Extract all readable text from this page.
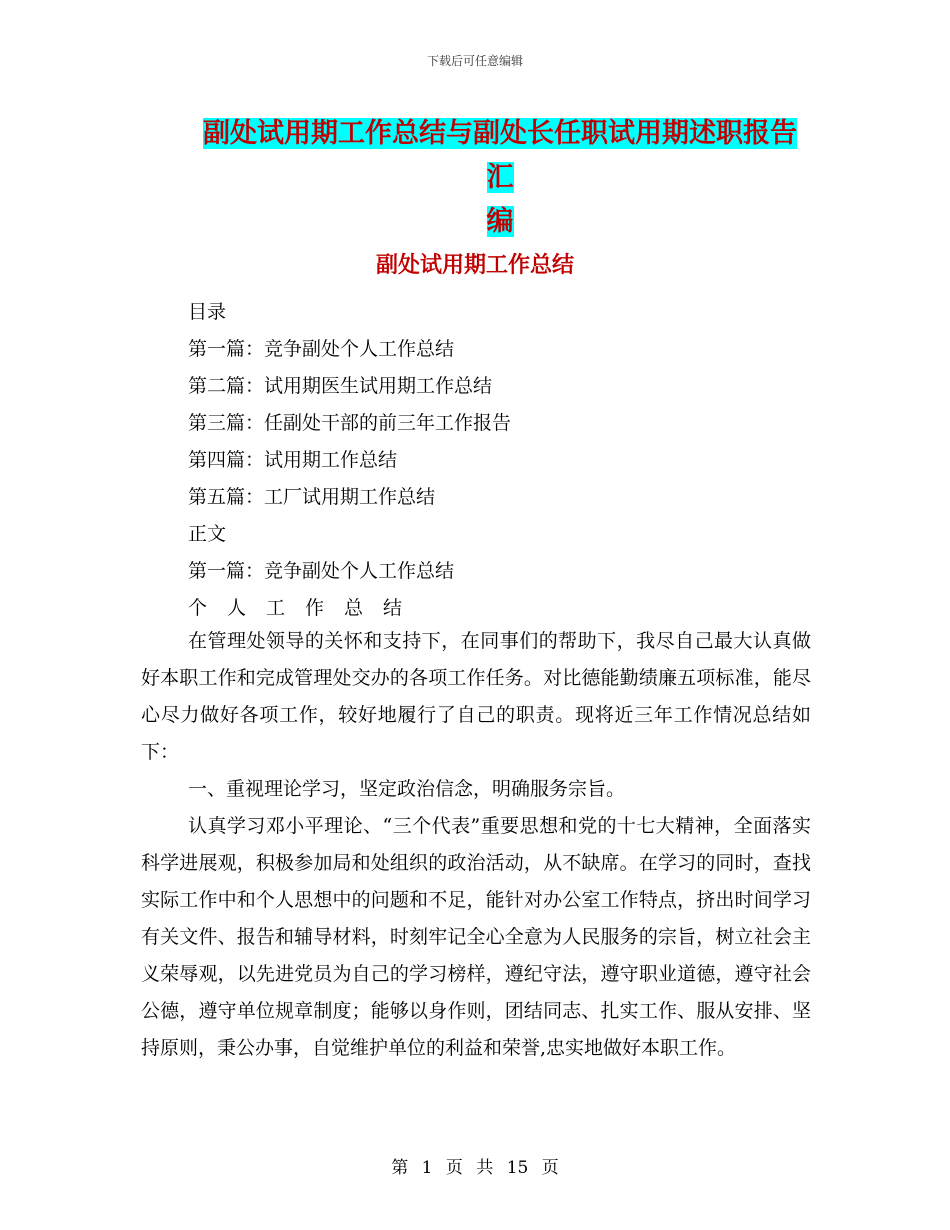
下载后可任意编辑
副处试用期工作总结与副处长任职试用期述职报告汇
编
副处试用期工作总结
目录
第一篇：竞争副处个人工作总结
第二篇：试用期医生试用期工作总结
第三篇：任副处干部的前三年工作报告
第四篇：试用期工作总结
第五篇：工厂试用期工作总结
正文
第一篇：竞争副处个人工作总结
个人工作总结

在管理处领导的关怀和支持下，在同事们的帮助下，我尽自己最大认真做好本职工作和完成管理处交办的各项工作任务。对比德能勤绩廉五项标准，能尽心尽力做好各项工作，较好地履行了自己的职责。现将近三年工作情况总结如下：

一、重视理论学习，坚定政治信念，明确服务宗旨。

认真学习邓小平理论、“三个代表”重要思想和党的十七大精神，全面落实科学进展观，积极参加局和处组织的政治活动，从不缺席。在学习的同时，查找实际工作中和个人思想中的问题和不足，能针对办公室工作特点，挤出时间学习有关文件、报告和辅导材料，时刻牢记全心全意为人民服务的宗旨，树立社会主义荣辱观，以先进党员为自己的学习榜样，遵纪守法，遵守职业道德，遵守社会公德，遵守单位规章制度；能够以身作则，团结同志、扎实工作、服从安排、坚持原则，秉公办事，自觉维护单位的利益和荣誉,忠实地做好本职工作。

第 1 页 共 15 页
